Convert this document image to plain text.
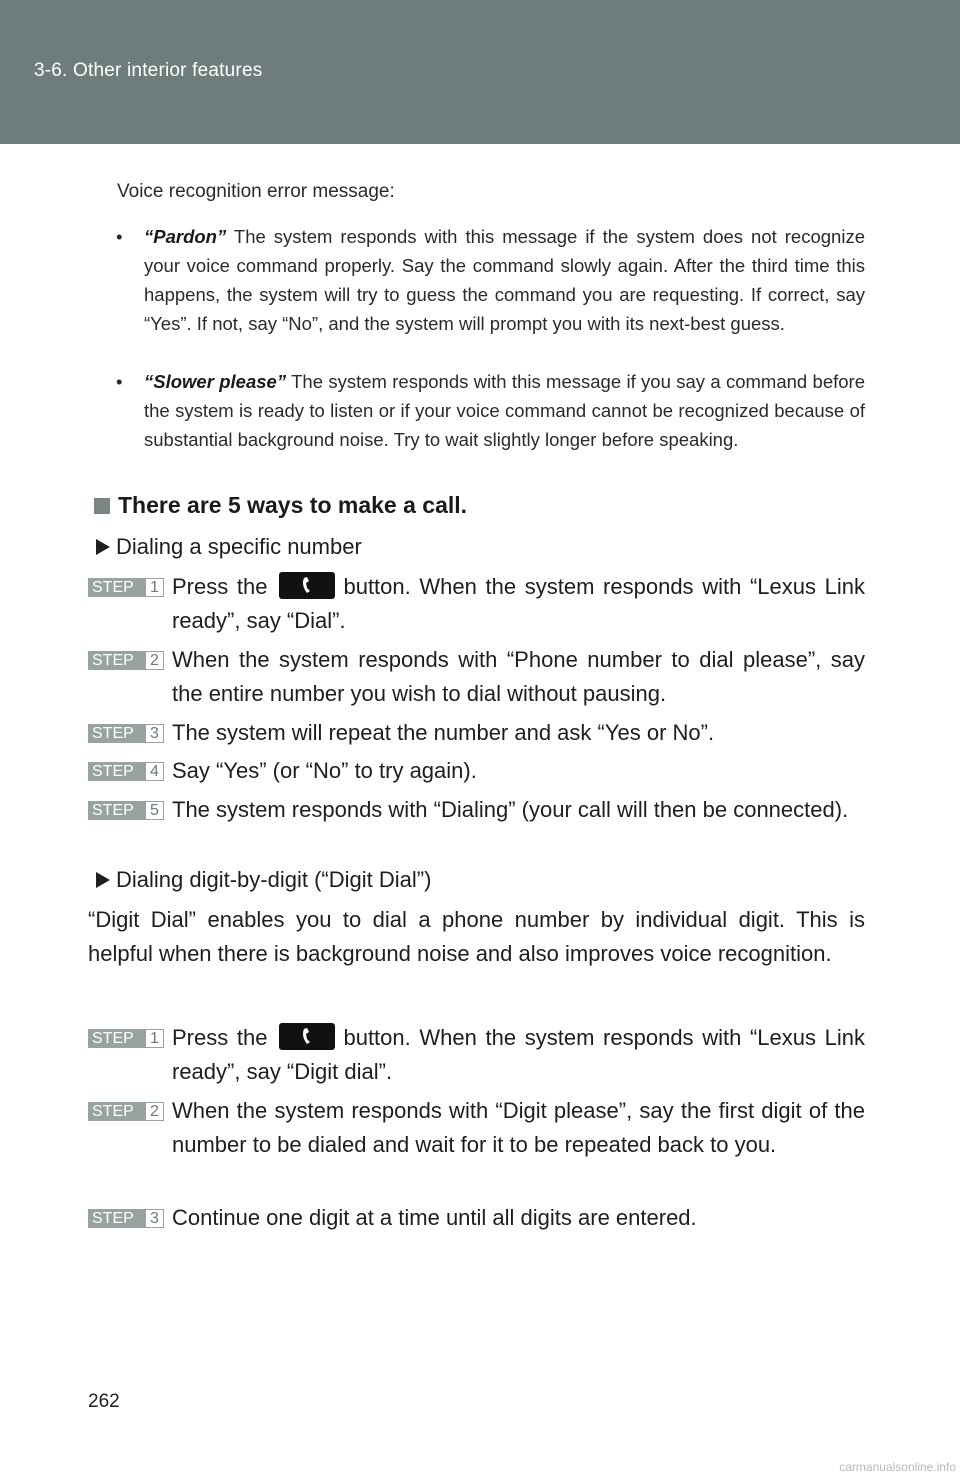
3-6. Other interior features
Voice recognition error message:
• “Pardon” The system responds with this message if the system does not recognize your voice command properly. Say the command slowly again. After the third time this happens, the system will try to guess the command you are requesting. If correct, say “Yes”. If not, say “No”, and the system will prompt you with its next-best guess.
• “Slower please” The system responds with this message if you say a command before the system is ready to listen or if your voice command cannot be recognized because of substantial background noise. Try to wait slightly longer before speaking.
There are 5 ways to make a call.
Dialing a specific number
STEP	1 Press the	button. When the system responds with “Lexus Link ready”, say “Dial”.
STEP	2 When the system responds with “Phone number to dial please”, say the entire number you wish to dial without pausing.
STEP	3 The system will repeat the number and ask “Yes or No”.
STEP	4 Say “Yes” (or “No” to try again).
STEP	5 The system responds with “Dialing” (your call will then be connected).
Dialing digit-by-digit (“Digit Dial”)
“Digit Dial” enables you to dial a phone number by individual digit. This is helpful when there is background noise and also improves voice recognition.
STEP	1 Press the	button. When the system responds with “Lexus Link ready”, say “Digit dial”.
STEP	2 When the system responds with “Digit please”, say the first digit of the number to be dialed and wait for it to be repeated back to you.
STEP	3 Continue one digit at a time until all digits are entered.
262
carmanualsonline.info
